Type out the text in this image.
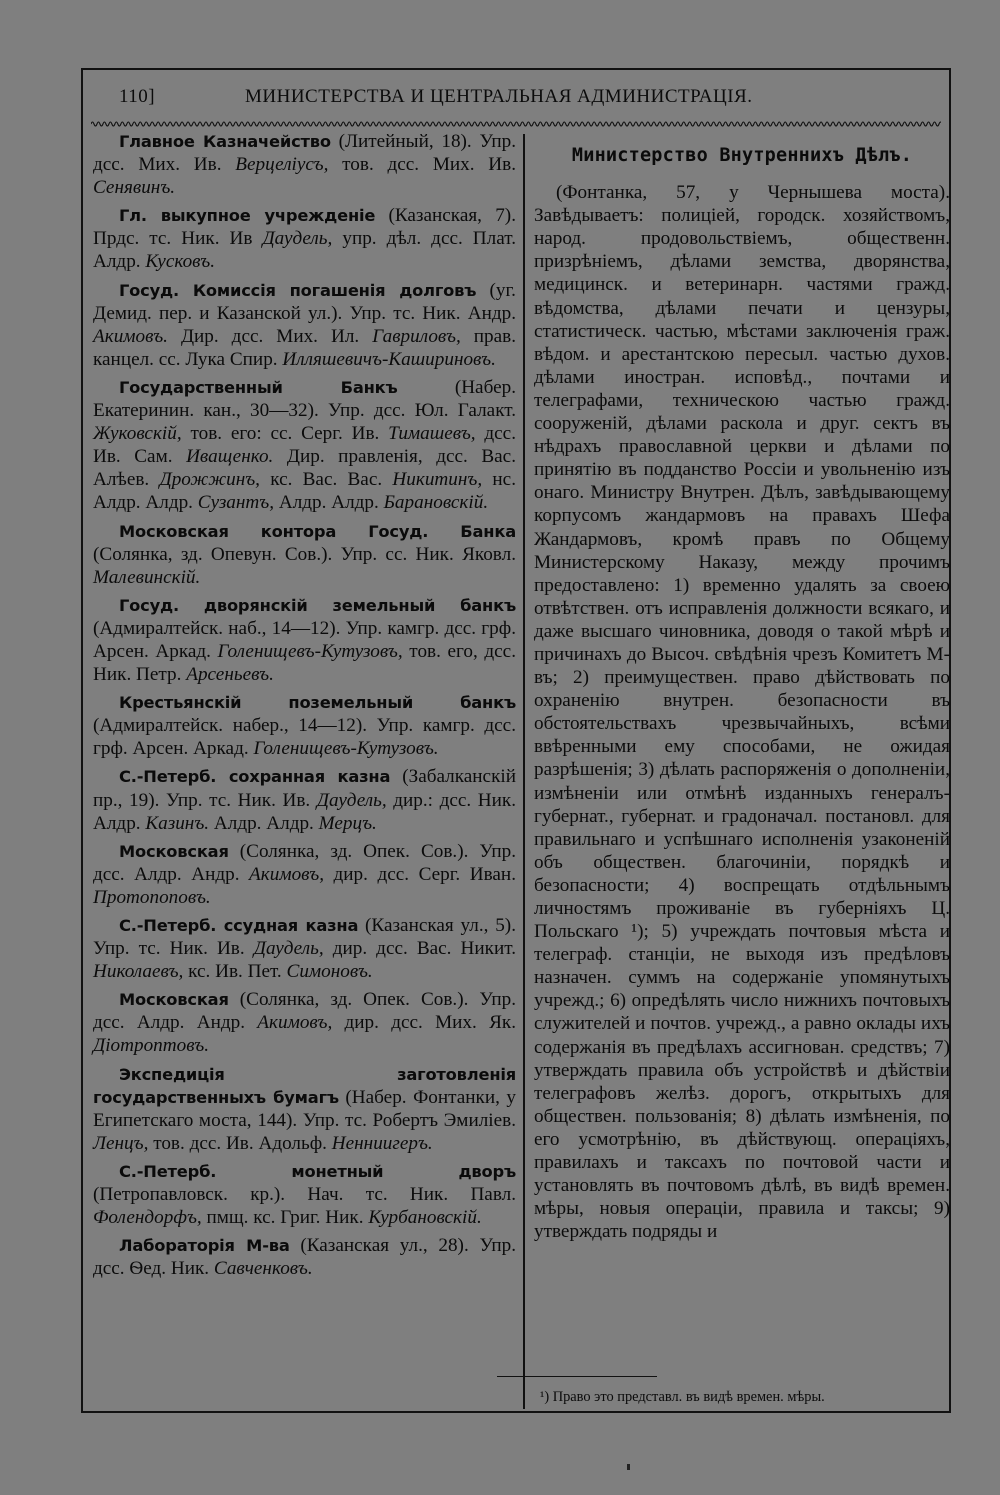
110]	МИНИСТЕРСТВА И ЦЕНТРАЛЬНАЯ АДМИНИСТРАЦІЯ.

Главное Казначейство (Литейный, 18). Упр. дсс. Мих. Ив. Верцелiусъ, тов. дсс. Мих. Ив. Сенявинъ.

Гл. выкупное учрежденіе (Казанская, 7). Прдс. тс. Ник. Ив Даудель, упр. дѣл. дсс. Плат. Алдр. Кусковъ.

Госуд. Комиссія погашенія долговъ (уг. Демид. пер. и Казанской ул.). Упр. тс. Ник. Андр. Акимовъ. Дир. дсс. Мих. Ил. Гавриловъ, прав. канцел. сс. Лука Спир. Илляшевичъ-Кашириновъ.

Государственный Банкъ (Набер. Екатеринин. кан., 30—32). Упр. дсс. Юл. Галакт. Жуковскій, тов. его: сс. Серг. Ив. Тимашевъ, дсс. Ив. Сам. Иващенко. Дир. правленія, дсс. Вас. Алѣев. Дрожжинъ, кс. Вас. Вас. Никитинъ, нс. Алдр. Алдр. Сузантъ, Алдр. Алдр. Барановскій.

Московская контора Госуд. Банка (Солянка, зд. Опевун. Сов.). Упр. сс. Ник. Яковл. Малевинскій.

Госуд. дворянскій земельный банкъ (Адмиралтейск. наб., 14—12). Упр. камгр. дсс. грф. Арсен. Аркад. Голенищевъ-Кутузовъ, тов. его, дсс. Ник. Петр. Арсеньевъ.

Крестьянскій поземельный банкъ (Адмиралтейск. набер., 14—12). Упр. камгр. дсс. грф. Арсен. Аркад. Голенищевъ-Кутузовъ.

С.-Петерб. сохранная казна (Забалканскій пр., 19). Упр. тс. Ник. Ив. Даудель, дир.: дсс. Ник. Алдр. Казинъ. Алдр. Алдр. Мерцъ.

Московская (Солянка, зд. Опек. Сов.). Упр. дсс. Алдр. Андр. Акимовъ, дир. дсс. Серг. Иван. Протопоповъ.

С.-Петерб. ссудная казна (Казанская ул., 5). Упр. тс. Ник. Ив. Даудель, дир. дсс. Вас. Никит. Николаевъ, кс. Ив. Пет. Симоновъ.

Московская (Солянка, зд. Опек. Сов.). Упр. дсс. Алдр. Андр. Акимовъ, дир. дсс. Мих. Як. Діотроптовъ.

Экспедиція заготовленія государственныхъ бумагъ (Набер. Фонтанки, у Египетскаго моста, 144). Упр. тс. Робертъ Эмиліев. Ленцъ, тов. дсс. Ив. Адольф. Ненниигеръ.

С.-Петерб. монетный дворъ (Петропавловск. кр.). Нач. тс. Ник. Павл. Фолендорфъ, пмщ. кс. Григ. Ник. Курбановскій.

Лабораторія М-ва (Казанская ул., 28). Упр. дсс. Ѳед. Ник. Савченковъ.

Министерство Внутреннихъ Дѣлъ.

(Фонтанка, 57, у Чернышева моста). Завѣдываетъ: полиціей, городск. хозяйствомъ, народ. продовольствіемъ, общественн. призрѣніемъ, дѣлами земства, дворянства, медицинск. и ветеринарн. частями гражд. вѣдомства, дѣлами печати и цензуры, статистическ. частью, мѣстами заключенія граж. вѣдом. и арестантскою пересыл. частью духов. дѣлами иностран. исповѣд., почтами и телеграфами, техническою частью гражд. сооруженій, дѣлами раскола и друг. сектъ въ нѣдрахъ православной церкви и дѣлами по принятію въ подданство Россіи и увольненію изъ онаго. Министру Внутрен. Дѣлъ, завѣдывающему корпусомъ жандармовъ на правахъ Шефа Жандармовъ, кромѣ правъ по Общему Министерскому Наказу, между прочимъ предоставлено: 1) временно удалять за своею отвѣтствен. отъ исправленія должности всякаго, и даже высшаго чиновника, доводя о такой мѣрѣ и причинахъ до Высоч. свѣдѣнія чрезъ Комитетъ М-въ; 2) преимуществен. право дѣйствовать по охраненію внутрен. безопасности въ обстоятельствахъ чрезвычайныхъ, всѣми ввѣренными ему способами, не ожидая разрѣшенія; 3) дѣлать распоряженія о дополненіи, измѣненіи или отмѣнѣ изданныхъ генералъ-губернат., губернат. и градоначал. постановл. для правильнаго и успѣшнаго исполненія узаконеній объ обществен. благочиніи, порядкѣ и безопасности; 4) воспрещать отдѣльнымъ личностямъ проживаніе въ губерніяхъ Ц. Польскаго ¹); 5) учреждать почтовыя мѣста и телеграф. станціи, не выходя изъ предѣловъ назначен. суммъ на содержаніе упомянутыхъ учрежд.; 6) опредѣлять число нижнихъ почтовыхъ служителей и почтов. учрежд., а равно оклады ихъ содержанія въ предѣлахъ ассигнован. средствъ; 7) утверждать правила объ устройствѣ и дѣйствіи телеграфовъ желѣз. дорогъ, открытыхъ для обществен. пользованія; 8) дѣлать измѣненія, по его усмотрѣнію, въ дѣйствующ. операціяхъ, правилахъ и таксахъ по почтовой части и установлять въ почтовомъ дѣлѣ, въ видѣ времен. мѣры, новыя операціи, правила и таксы; 9) утверждать подряды и

¹) Право это представл. въ видѣ времен. мѣры.
